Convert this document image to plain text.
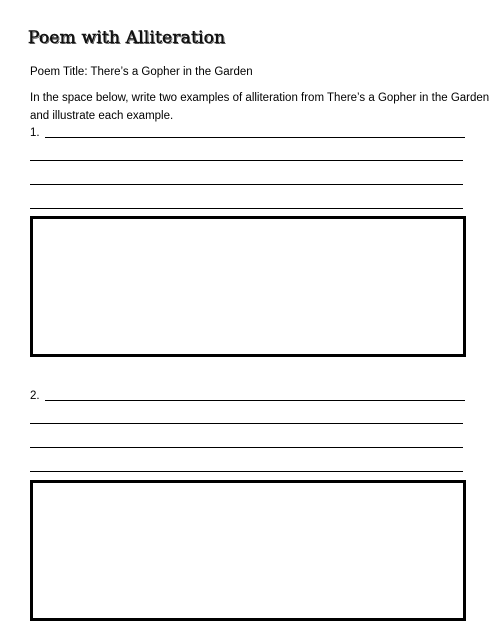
Poem with Alliteration
Poem Title: There’s a Gopher in the Garden
In the space below, write two examples of alliteration from There’s a Gopher in the Garden
and illustrate each example.
1.
2.
